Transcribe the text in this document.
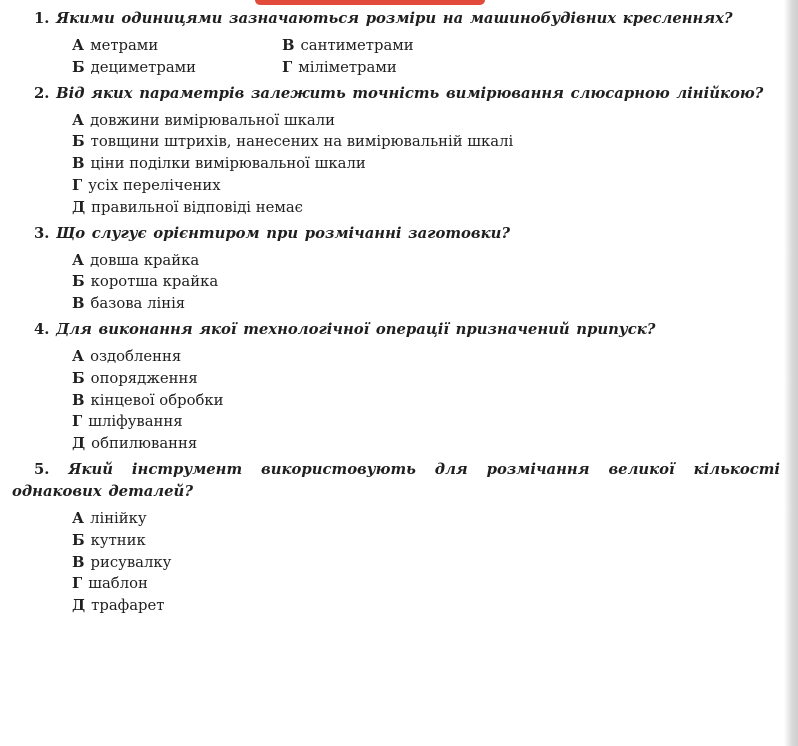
1. Якими одиницями зазначаються розміри на машинобудівних кресленнях?
А метрами	В сантиметрами
Б дециметрами	Г міліметрами
2. Від яких параметрів залежить точність вимірювання слюсарною лінійкою?
А довжини вимірювальної шкали
Б товщини штрихів, нанесених на вимірювальній шкалі
В ціни поділки вимірювальної шкали
Г усіх перелічених
Д правильної відповіді немає
3. Що слугує орієнтиром при розмічанні заготовки?
А довша крайка
Б коротша крайка
В базова лінія
4. Для виконання якої технологічної операції призначений припуск?
А оздоблення
Б опорядження
В кінцевої обробки
Г шліфування
Д обпилювання
5. Який інструмент використовують для розмічання великої кількості однакових деталей?
А лінійку
Б кутник
В рисувалку
Г шаблон
Д трафарет
